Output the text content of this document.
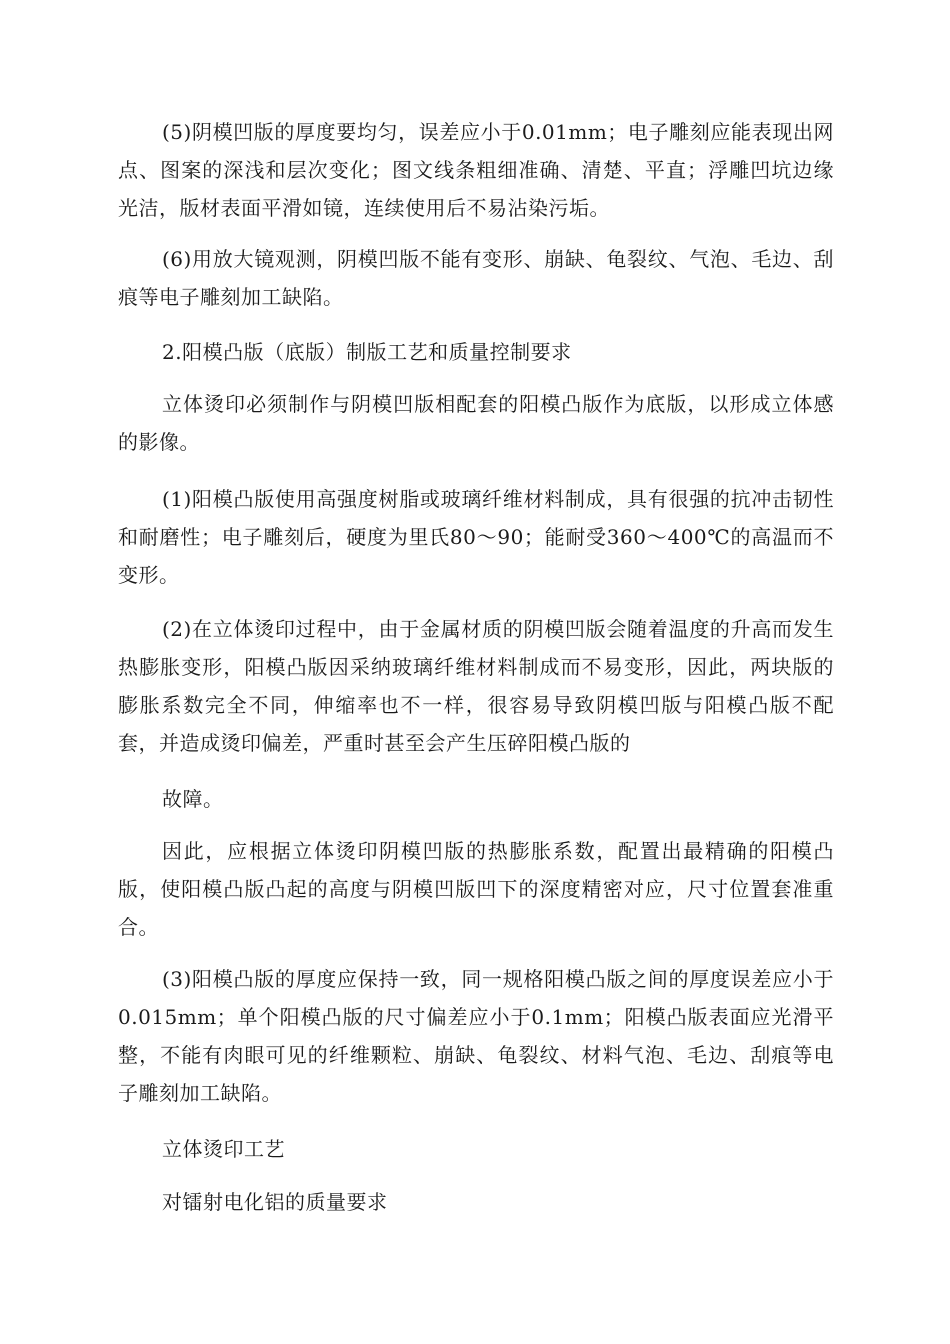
(5)阴模凹版的厚度要均匀，误差应小于0.01mm；电子雕刻应能表现出网点、图案的深浅和层次变化；图文线条粗细准确、清楚、平直；浮雕凹坑边缘光洁，版材表面平滑如镜，连续使用后不易沾染污垢。

(6)用放大镜观测，阴模凹版不能有变形、崩缺、龟裂纹、气泡、毛边、刮痕等电子雕刻加工缺陷。

2.阳模凸版（底版）制版工艺和质量控制要求

立体烫印必须制作与阴模凹版相配套的阳模凸版作为底版，以形成立体感的影像。

(1)阳模凸版使用高强度树脂或玻璃纤维材料制成，具有很强的抗冲击韧性和耐磨性；电子雕刻后，硬度为里氏80～90；能耐受360～400℃的高温而不变形。

(2)在立体烫印过程中，由于金属材质的阴模凹版会随着温度的升高而发生热膨胀变形，阳模凸版因采纳玻璃纤维材料制成而不易变形，因此，两块版的膨胀系数完全不同，伸缩率也不一样，很容易导致阴模凹版与阳模凸版不配套，并造成烫印偏差，严重时甚至会产生压碎阳模凸版的

故障。

因此，应根据立体烫印阴模凹版的热膨胀系数，配置出最精确的阳模凸版，使阳模凸版凸起的高度与阴模凹版凹下的深度精密对应，尺寸位置套准重合。

(3)阳模凸版的厚度应保持一致，同一规格阳模凸版之间的厚度误差应小于0.015mm；单个阳模凸版的尺寸偏差应小于0.1mm；阳模凸版表面应光滑平整，不能有肉眼可见的纤维颗粒、崩缺、龟裂纹、材料气泡、毛边、刮痕等电子雕刻加工缺陷。

立体烫印工艺

对镭射电化铝的质量要求
